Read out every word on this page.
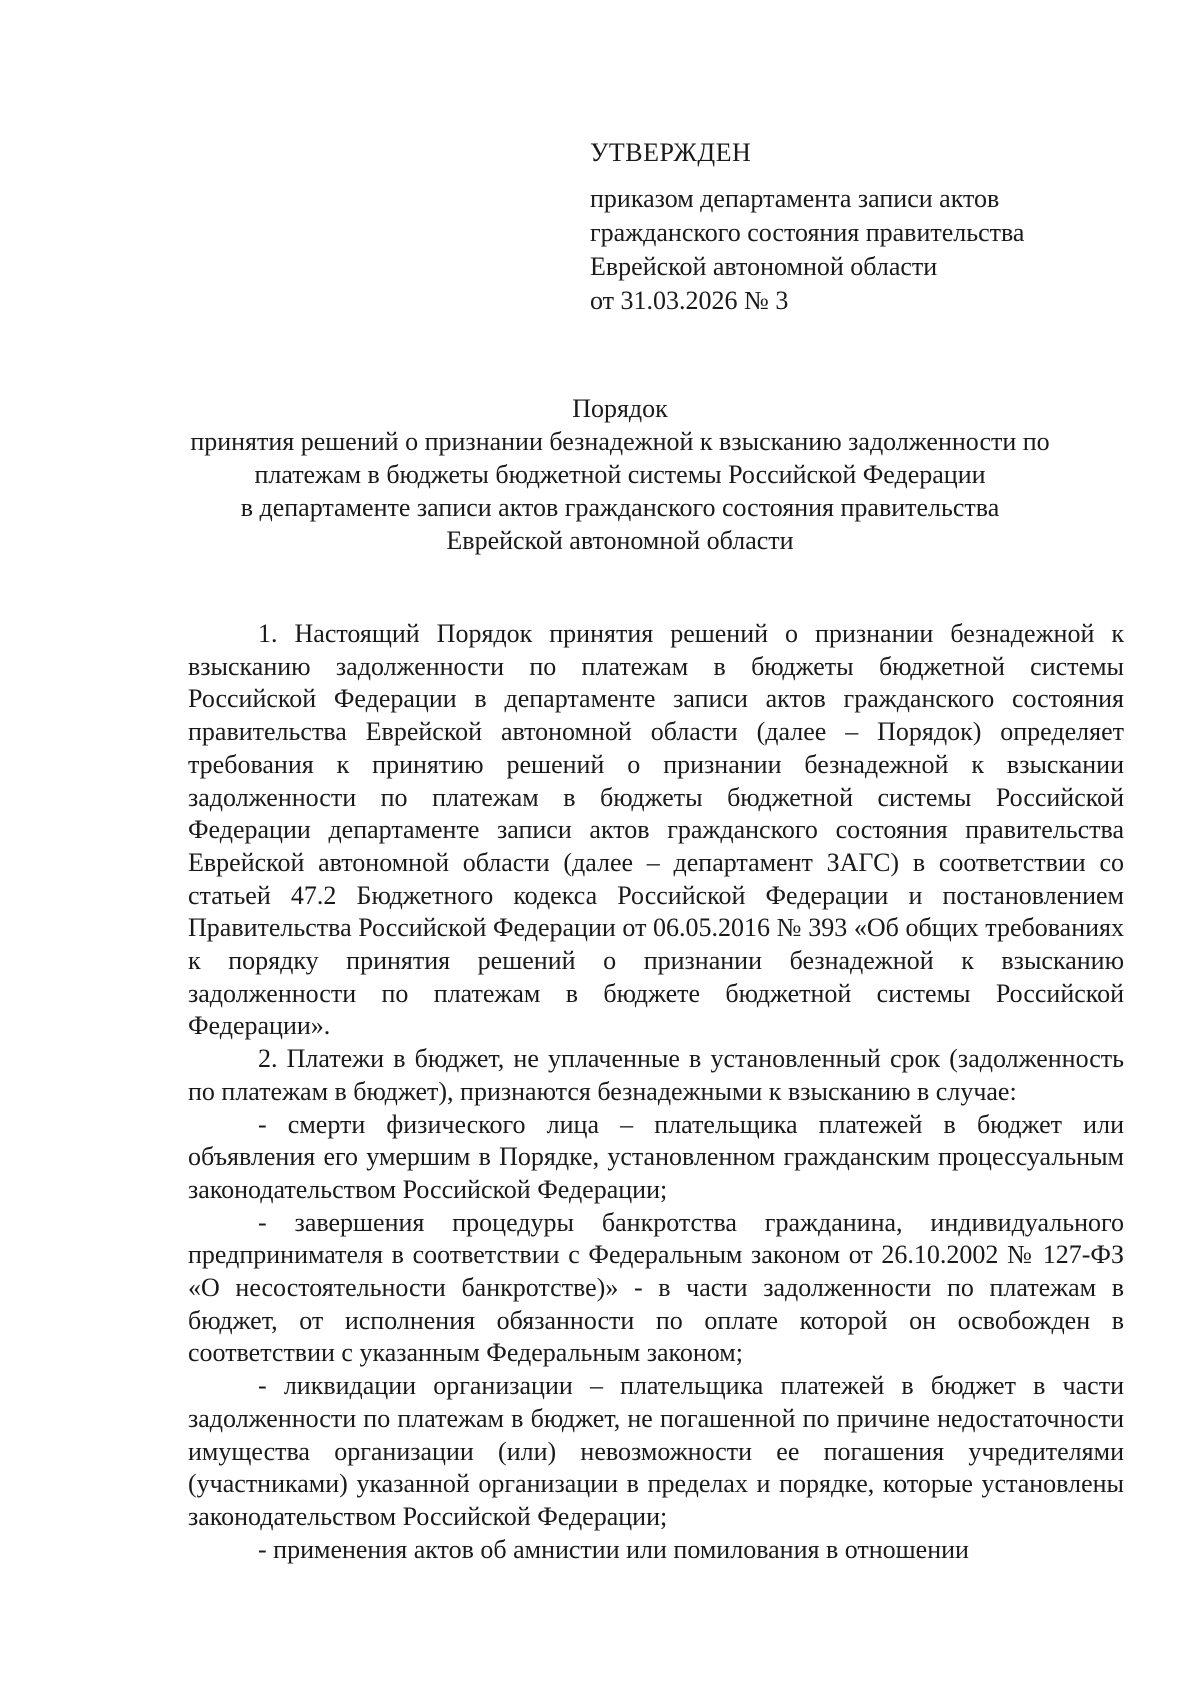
УТВЕРЖДЕН

приказом департамента записи актов

гражданского состояния правительства

Еврейской автономной области

от 31.03.2026 № 3

Порядок

принятия решений о признании безнадежной к взысканию задолженности по

платежам в бюджеты бюджетной системы Российской Федерации

в департаменте записи актов гражданского состояния правительства

Еврейской автономной области

1. Настоящий Порядок принятия решений о признании безнадежной к взысканию задолженности по платежам в бюджеты бюджетной системы Российской Федерации в департаменте записи актов гражданского состояния правительства Еврейской автономной области (далее – Порядок) определяет требования к принятию решений о признании безнадежной к взыскании задолженности по платежам в бюджеты бюджетной системы Российской Федерации департаменте записи актов гражданского состояния правительства Еврейской автономной области (далее – департамент ЗАГС) в соответствии со статьей 47.2 Бюджетного кодекса Российской Федерации и постановлением Правительства Российской Федерации от 06.05.2016 № 393 «Об общих требованиях к порядку принятия решений о признании безнадежной к взысканию задолженности по платежам в бюджете бюджетной системы Российской Федерации».

2. Платежи в бюджет, не уплаченные в установленный срок (задолженность по платежам в бюджет), признаются безнадежными к взысканию в случае:

- смерти физического лица – плательщика платежей в бюджет или объявления его умершим в Порядке, установленном гражданским процессуальным законодательством Российской Федерации;

- завершения процедуры банкротства гражданина, индивидуального предпринимателя в соответствии с Федеральным законом от 26.10.2002 № 127-ФЗ «О несостоятельности банкротстве)» - в части задолженности по платежам в бюджет, от исполнения обязанности по оплате которой он освобожден в соответствии с указанным Федеральным законом;

- ликвидации организации – плательщика платежей в бюджет в части задолженности по платежам в бюджет, не погашенной по причине недостаточности имущества организации (или) невозможности ее погашения учредителями (участниками) указанной организации в пределах и порядке, которые установлены законодательством Российской Федерации;

- применения актов об амнистии или помилования в отношении
